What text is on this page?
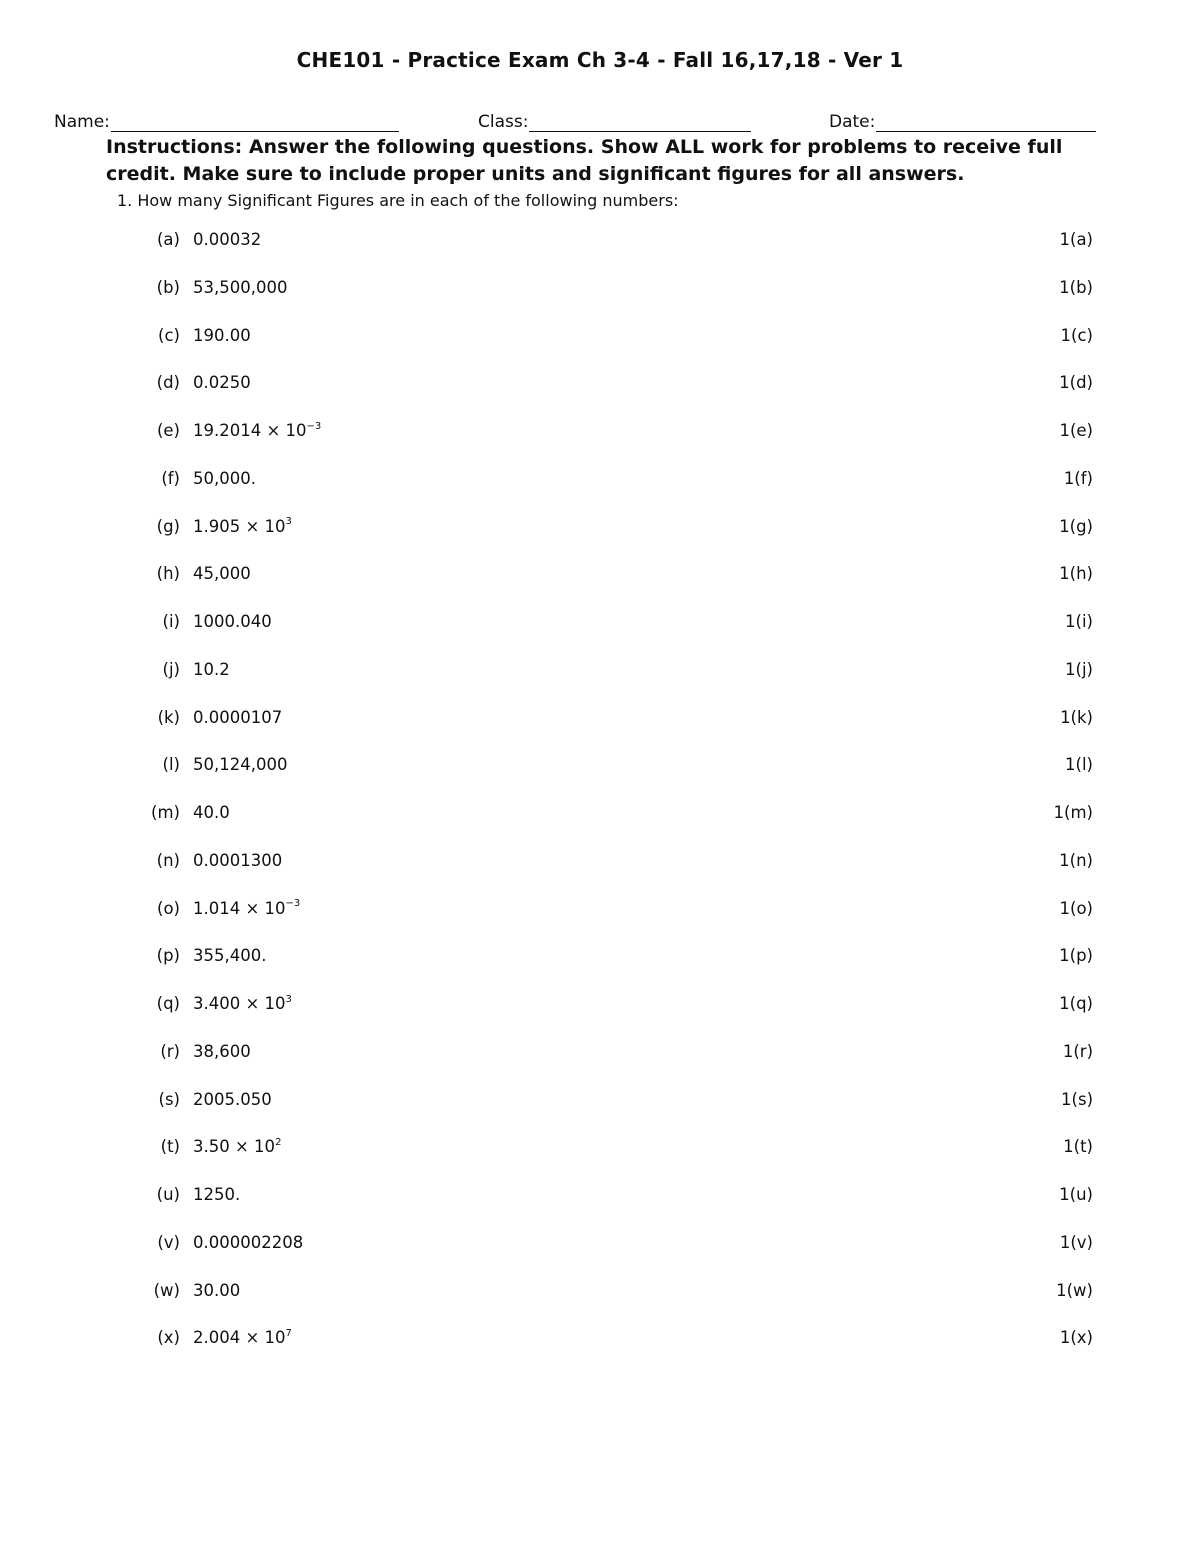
CHE101 - Practice Exam Ch 3-4 - Fall 16,17,18 - Ver 1
Name:	Class:	Date:
Instructions: Answer the following questions. Show ALL work for problems to receive full credit. Make sure to include proper units and significant figures for all answers.
1. How many Significant Figures are in each of the following numbers:
(a) 0.00032	1(a)
(b) 53,500,000	1(b)
(c) 190.00	1(c)
(d) 0.0250	1(d)
(e) $19.2014 \times 10^{-3}$	1(e)
(f) 50,000.	1(f)
(g) $1.905 \times 10^3$	1(g)
(h) 45,000	1(h)
(i) 1000.040	1(i)
(j) 10.2	1(j)
(k) 0.0000107	1(k)
(l) 50,124,000	1(l)
(m) 40.0	1(m)
(n) 0.0001300	1(n)
(o) $1.014 \times 10^{-3}$	1(o)
(p) 355,400.	1(p)
(q) $3.400 \times 10^3$	1(q)
(r) 38,600	1(r)
(s) 2005.050	1(s)
(t) $3.50 \times 10^2$	1(t)
(u) 1250.	1(u)
(v) 0.000002208	1(v)
(w) 30.00	1(w)
(x) $2.004 \times 10^7$	1(x)
